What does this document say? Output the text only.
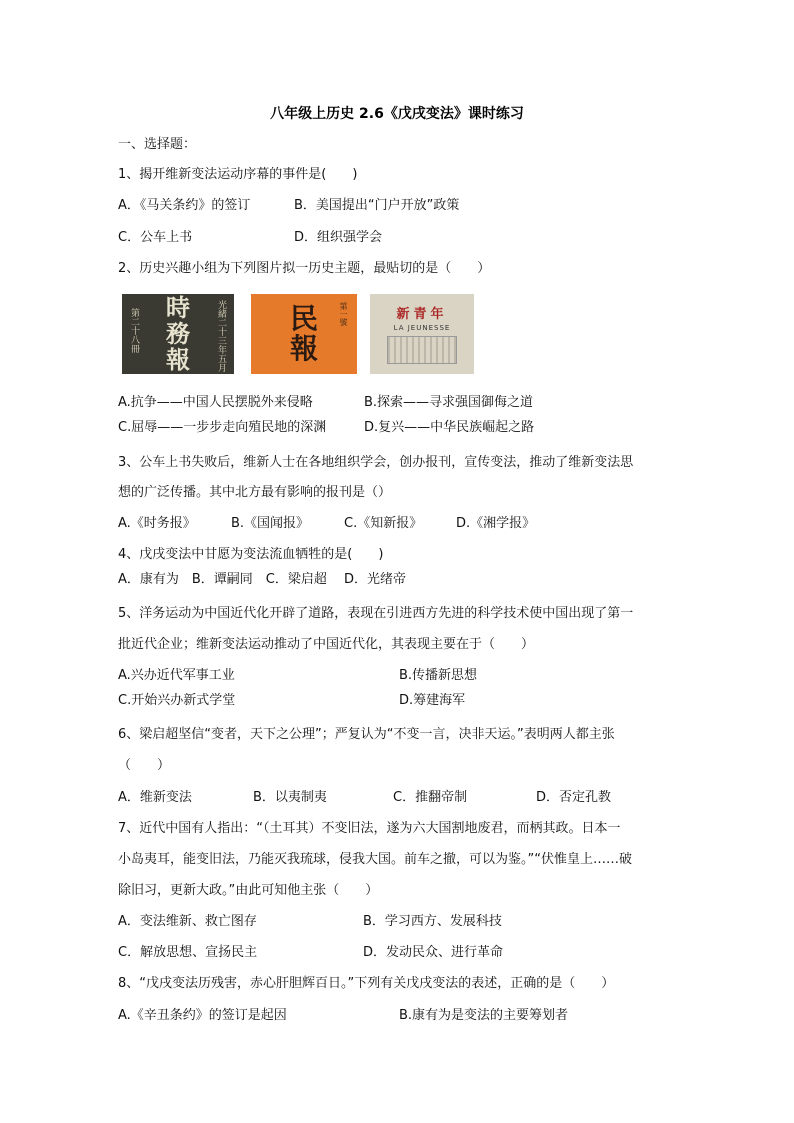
八年级上历史 2.6《戊戌变法》课时练习
一、选择题：
1、揭开维新变法运动序幕的事件是(　　)
A．《马关条约》的签订	B．美国提出“门户开放”政策
C．公车上书	D．组织强学会
2、历史兴趣小组为下列图片拟一历史主题，最贴切的是（　　）
光緒二十三年五月
第二十八冊
時務報
第一號
民報
新青年
LA JEUNESSE
A.抗争——中国人民摆脱外来侵略	B.探索——寻求强国御侮之道
C.屈辱——一步步走向殖民地的深渊	D.复兴——中华民族崛起之路
3、公车上书失败后，维新人士在各地组织学会，创办报刊，宣传变法，推动了维新变法思
想的广泛传播。其中北方最有影响的报刊是（）
A.《时务报》	B.《国闻报》	C.《知新报》	D.《湘学报》
4、戊戌变法中甘愿为变法流血牺牲的是(　　)
A．康有为　B．谭嗣同　C．梁启超　 D．光绪帝
5、洋务运动为中国近代化开辟了道路，表现在引进西方先进的科学技术使中国出现了第一
批近代企业；维新变法运动推动了中国近代化，其表现主要在于（　　）
A.兴办近代军事工业	B.传播新思想
C.开始兴办新式学堂	D.筹建海军
6、梁启超坚信“变者，天下之公理”；严复认为“不变一言，决非天运。”表明两人都主张
（　　）
A．维新变法	B．以夷制夷	C．推翻帝制	D．否定孔教
7、近代中国有人指出：“（土耳其）不变旧法，遂为六大国割地废君，而柄其政。日本一
小岛夷耳，能变旧法，乃能灭我琉球，侵我大国。前车之撤，可以为鉴。”“伏惟皇上……破
除旧习，更新大政。”由此可知他主张（　　）
A．变法维新、救亡图存	B．学习西方、发展科技
C．解放思想、宣扬民主	D．发动民众、进行革命
8、“戊戌变法历残害，赤心肝胆辉百日。”下列有关戊戌变法的表述，正确的是（　　）
A.《辛丑条约》的签订是起因	B.康有为是变法的主要筹划者
